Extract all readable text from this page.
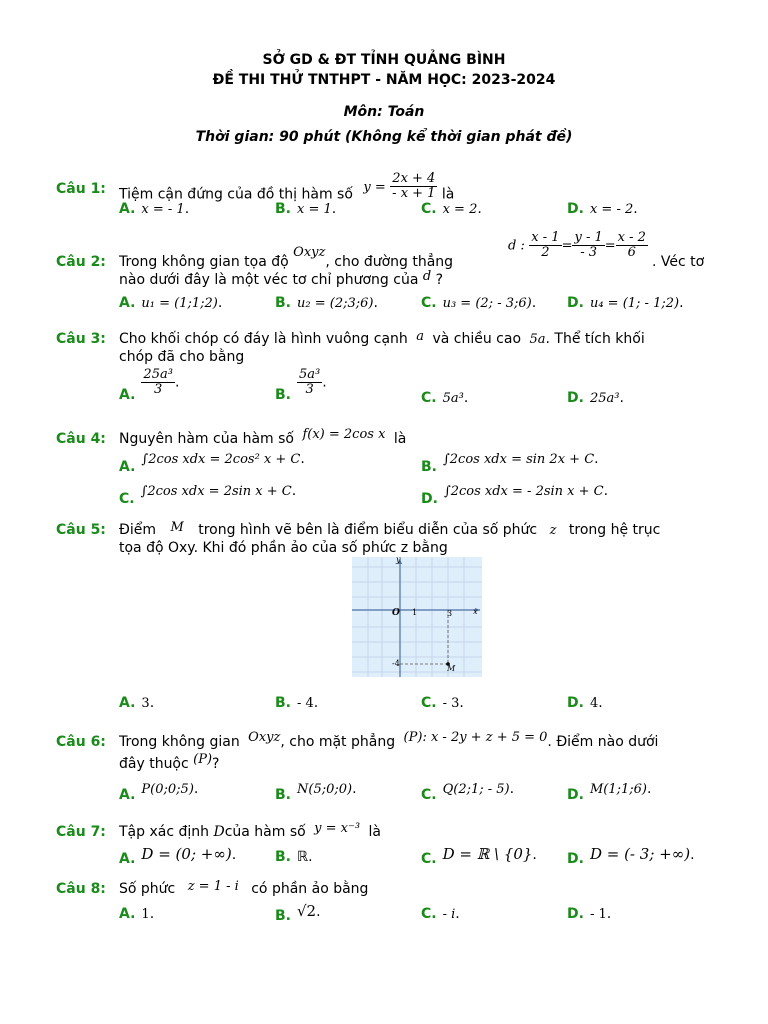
SỞ GD & ĐT TỈNH QUẢNG BÌNH
ĐỀ THI THỬ TNTHPT - NĂM HỌC: 2023-2024
Môn: Toán
Thời gian: 90 phút (Không kể thời gian phát đề)
Câu 1: Tiệm cận đứng của đồ thị hàm số $y = \frac{2x + 4}{- x + 1}$ là
A. x = - 1.	B. x = 1.	C. x = 2.	D. x = - 2.
Câu 2: Trong không gian tọa độ Oxyz, cho đường thẳng
d : $\frac{x - 1}{2} = \frac{y - 1}{- 3} = \frac{x - 2}{6}$
. Véc tơ
nào dưới đây là một véc tơ chỉ phương của d ?
A. u₁ = (1;1;2).	B. u₂ = (2;3;6).	C. u₃ = (2; - 3;6). D. u₄ = (1; - 1;2).
Câu 3: Cho khối chóp có đáy là hình vuông cạnh a và chiều cao 5a. Thể tích khối
chóp đã cho bằng
A. $\frac{\text{25a³}}{3}$ .
B. $\frac{\text{5a³}}{3}$ .
C. 5a³.	D. 25a³.
Câu 4: Nguyên hàm của hàm số f(x) = 2cos x là
A. ∫2cos xdx = 2cos² x + C.	B. ∫2cos xdx = sin 2x + C.
C. ∫2cos xdx = 2sin x + C.	D. ∫2cos xdx = - 2sin x + C.
Câu 5: Điểm M trong hình vẽ bên là điểm biểu diễn của số phức z trong hệ trục
tọa độ Oxy. Khi đó phần ảo của số phức z bằng
y
x
O 1	3
-4
M
A. 3.	B. - 4.	C. - 3.	D. 4.
Câu 6: Trong không gian Oxyz, cho mặt phẳng (P): x - 2y + z + 5 = 0. Điểm nào dưới
đây thuộc (P)?
A. P(0;0;5).	B. N(5;0;0).	C. Q(2;1; - 5).	D. M(1;1;6).
Câu 7: Tập xác định Dcủa hàm số y = x⁻³ là
A. D = (0; +∞).	B. ℝ.	C. D = ℝ \ {0}. D. D = (- 3; +∞).
Câu 8: Số phức z = 1 - i có phần ảo bằng
A. 1.	B. √2.	C. - i.	D. - 1.
